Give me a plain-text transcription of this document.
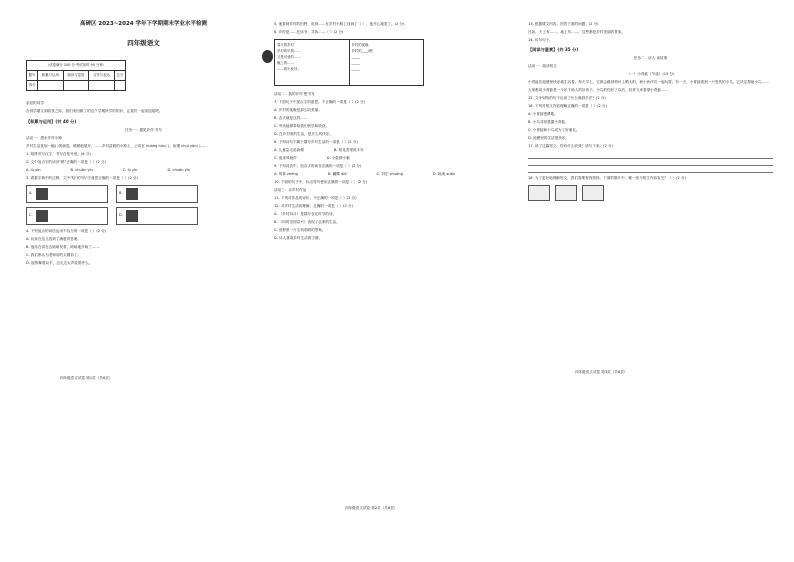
高碑区 2023~2024 学年下学期期末学业水平检测
四年级语文
（试卷满分 100 分·考试用时 90 分钟）				
题号	积累与运用	阅读与鉴赏	习作与表达	总分
得分				
亲爱的同学：
告别学期又到收获之际，我们来回顾了的这个学期所学的知识，让我们一起来迎接吧。
【积累与运用】(共 40 分)
任务一：遇见乡村·书写
活动一：漫步乡村小路
乡村生活犹如一幅( )的画卷，缓缓地展开。……乡村清晨的小路上，公鸡在 huáng hūn( )，炊烟 chuī yān( )……
1. 给拼音写汉字，书写在括号里。(6 分)
2. 文中加点字的读音"畔"正确的一项是（ ）(2 分)
A. lù yìn	B. chuān yīn	C. lù yīn	D. chuān yīn
3. 看看字典中的注释，文中"哈"的"哈"字意思正确的一项是（ ）(2 分)
A.	B.
C.	D.
4. 下列加点的词语运用不恰当的一项是（ ）(2 分)
A. 玩家在这儿找到了满意的答案。
B. 他站在讲台边暗暗发誓，暗暗地开始了……
C. 我们都认为老师讲的太精彩了。
D. 他挥舞着双手，边走边大声说着什么。
四年级语文试卷 第1页（共6页）
5. 他看到乡村的田野，说到……在乡村小路上找到了（ ），他开心地笑了。(2 分)
6. 乡村是……在读书、寻找……（ ）(2 分)
春天的乡村
乡村的早晨……
又是可爱的……
晚上的……
……的小伙伴。

乡村的夜晚
乡村的____啊！
_____
_____
_____
活动二：我的乡村·想书写
7. 下面句子中加点字的意思，不正确的一项是（ ）(2 分)
A. 乡村的夜晚是那么的美丽。
B. 农夫就是这样……
C. 劳动能够带给我们快乐和收获。
D. 在乡村里的生活，是多么的快乐。
8. 下列诗句不属于描写乡村生活的一项是（ ）(2 分)
A. 儿童急走追黄蝶	B. 稻花香里说丰年
C. 夜来风雨声	D. 小娃撑小艇
9. 下列词语中，加点字的读音正确的一项是（ ）(2 分)
A. 风筝 zhēng	B. 蝴蝶 dié	C. 村庄 zhuāng	D. 喧闹 xuān
10. 下面的句子中，标点符号使用正确的一项是（ ）(2 分)
活动三：评乡村作品
11. 下列对作品的评价，不正确的一项是（ ）(2 分)
12. 对乡村生活的理解，正确的一项是（ ）(2 分)
A. 《乡村四月》是描写农忙时节的诗。
B. 《四时田园杂兴》表现了农家的生活。
C. 田野里一片生机勃勃的景象。
D. 诗人喜欢乡村生活的宁静。
四年级语文试卷 第2页（共6页）
13. 根据课文内容，回答下面的问题。(2 分)
比如，天上有……，地上有……，这些都是乡村美丽的景象。
14. 仿写句子。
【阅读与鉴赏】(共 35 分)
任务二：读人·读故事
活动一：阅读短文
（一）小青蛙（节选）(15 分)
小青蛙在池塘里快乐地生活着。每天早上，它都会跳到荷叶上晒太阳，和小伙伴们一起玩耍。有一天，小青蛙看到一只受伤的小鸟，它决定帮助小鸟……
大家都说小青蛙是一个乐于助人的好孩子。小鸟的伤好了以后，经常飞来看望小青蛙……
15. 文中划线的句子运用了什么修辞手法？(2 分)
16. 下列对短文内容理解正确的一项是（ ）(2 分)
A. 小青蛙很勇敢。
B. 小鸟非常感激小青蛙。
C. 小青蛙和小鸟成为了好朋友。
D. 池塘里的生活很快乐。
17. 读了这篇短文，你有什么收获？请写下来。(2 分)
18. 为了更好地理解短文，我们需要查找资料。下面的图片中，哪一张与短文内容有关？（ ）(2 分)
四年级语文试卷 第3页（共6页）
